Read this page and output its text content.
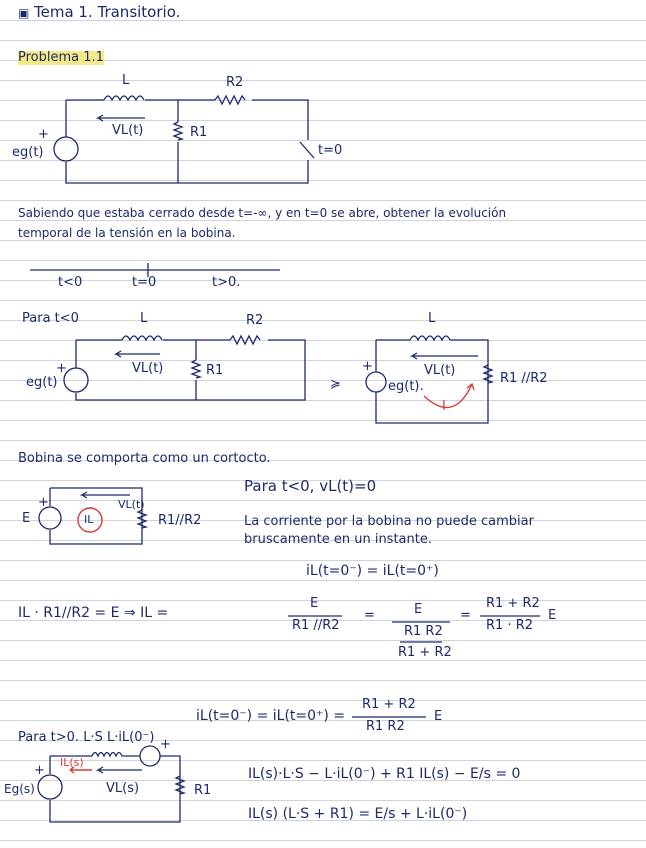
▣ Tema 1. Transitorio.
Problema 1.1
L	R2
R1
VL(t)
eg(t)
+
t=0
Sabiendo que estaba cerrado desde t=-∞, y en t=0 se abre, obtener la evolución
temporal de la tensión en la bobina.
t<0	t=0	t>0.
Para t<0	L	R2
R1
VL(t)
eg(t)
+
≽
L
VL(t)
eg(t).
+
R1 //R2
I
Bobina se comporta como un cortocto.
E
+	VL(t)
IL	R1//R2
Para t<0, vL(t)=0
La corriente por la bobina no puede cambiar
bruscamente en un instante.
iL(t=0⁻) = iL(t=0⁺)
IL · R1//R2 = E ⇒ IL =
E
R1 //R2
=	E
R1 R2
R1 + R2
=
R1 + R2
R1 · R2
E
iL(t=0⁻) = iL(t=0⁺) =
R1 + R2
R1 R2
E
Para t>0. L·S L·iL(0⁻)
Eg(s)
+
IL(s)
VL(s)	R1
+
IL(s)·L·S − L·iL(0⁻) + R1 IL(s) − E/s = 0
IL(s) (L·S + R1) = E/s + L·iL(0⁻)
